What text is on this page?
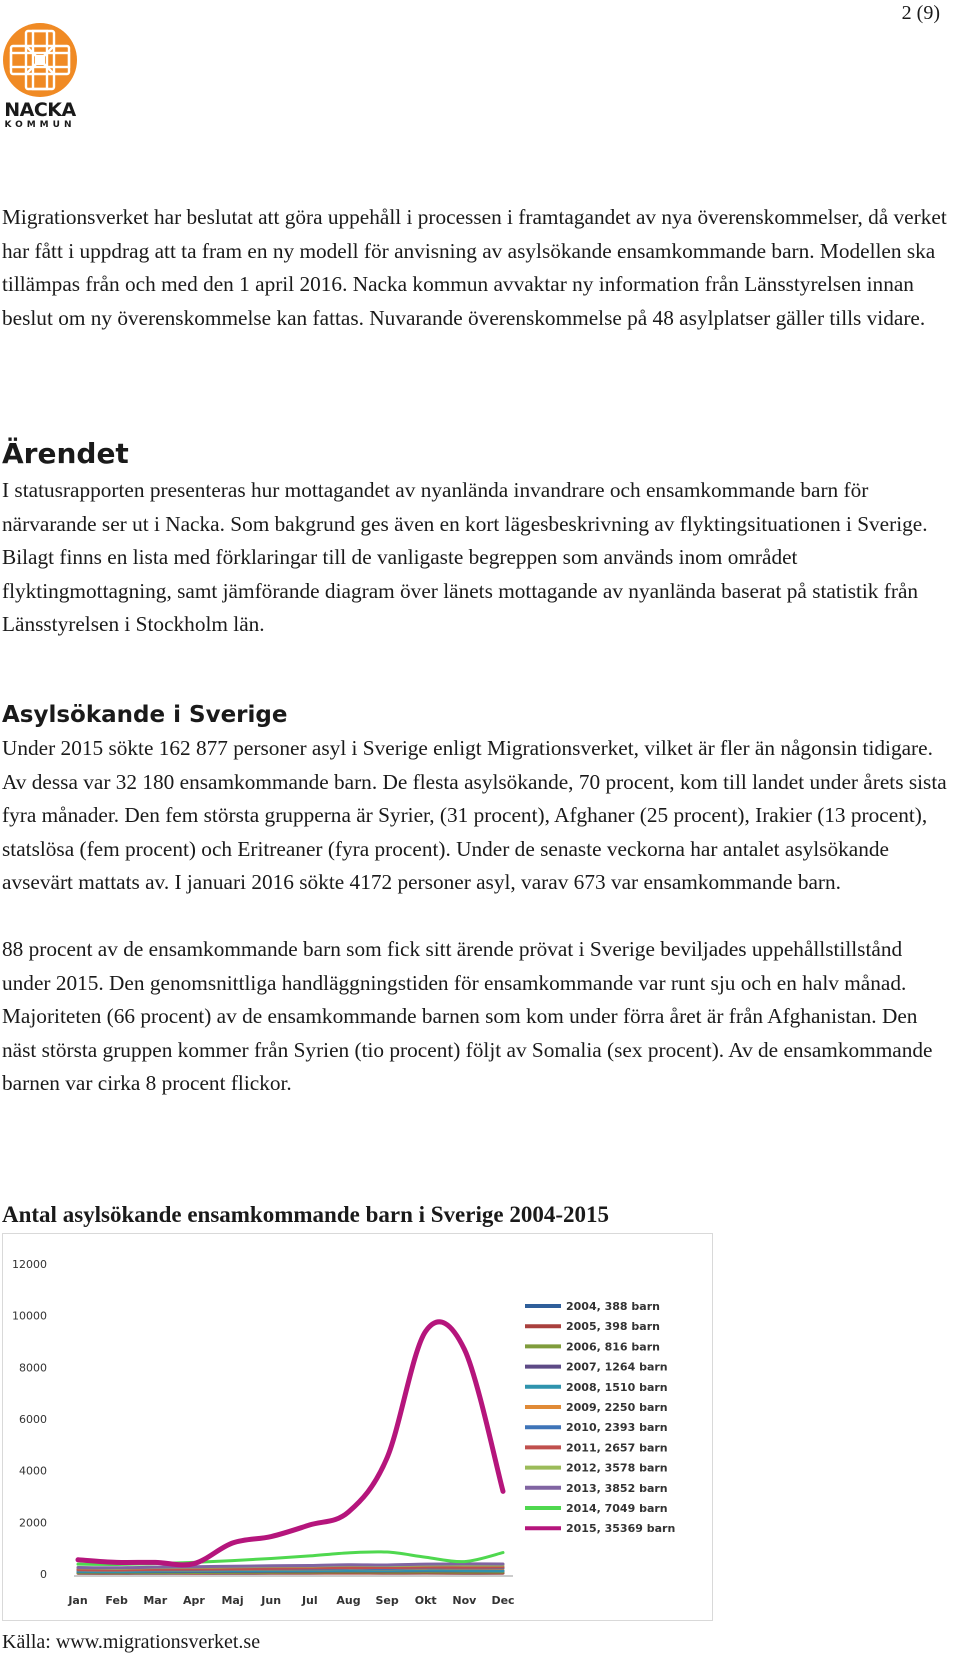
2 (9)
NACKA
KOMMUN

Migrationsverket har beslutat att göra uppehåll i processen i framtagandet av nya överenskommelser, då verket har fått i uppdrag att ta fram en ny modell för anvisning av asylsökande ensamkommande barn. Modellen ska tillämpas från och med den 1 april 2016. Nacka kommun avvaktar ny information från Länsstyrelsen innan beslut om ny överenskommelse kan fattas. Nuvarande överenskommelse på 48 asylplatser gäller tills vidare.

Ärendet

I statusrapporten presenteras hur mottagandet av nyanlända invandrare och ensamkommande barn för närvarande ser ut i Nacka. Som bakgrund ges även en kort lägesbeskrivning av flyktingsituationen i Sverige. Bilagt finns en lista med förklaringar till de vanligaste begreppen som används inom området flyktingmottagning, samt jämförande diagram över länets mottagande av nyanlända baserat på statistik från Länsstyrelsen i Stockholm län.

Asylsökande i Sverige

Under 2015 sökte 162 877 personer asyl i Sverige enligt Migrationsverket, vilket är fler än någonsin tidigare. Av dessa var 32 180 ensamkommande barn. De flesta asylsökande, 70 procent, kom till landet under årets sista fyra månader. Den fem största grupperna är Syrier, (31 procent), Afghaner (25 procent), Irakier (13 procent), statslösa (fem procent) och Eritreaner (fyra procent). Under de senaste veckorna har antalet asylsökande avsevärt mattats av. I januari 2016 sökte 4172 personer asyl, varav 673 var ensamkommande barn.

88 procent av de ensamkommande barn som fick sitt ärende prövat i Sverige beviljades uppehållstillstånd under 2015. Den genomsnittliga handläggningstiden för ensamkommande var runt sju och en halv månad. Majoriteten (66 procent) av de ensamkommande barnen som kom under förra året är från Afghanistan. Den näst största gruppen kommer från Syrien (tio procent) följt av Somalia (sex procent). Av de ensamkommande barnen var cirka 8 procent flickor.

Antal asylsökande ensamkommande barn i Sverige 2004-2015
0
2000
4000
6000
8000
10000
12000
Jan Feb Mar Apr Maj Jun Jul Aug Sep Okt Nov Dec
2004, 388 barn
2005, 398 barn
2006, 816 barn
2007, 1264 barn
2008, 1510 barn
2009, 2250 barn
2010, 2393 barn
2011, 2657 barn
2012, 3578 barn
2013, 3852 barn
2014, 7049 barn
2015, 35369 barn
Källa: www.migrationsverket.se
